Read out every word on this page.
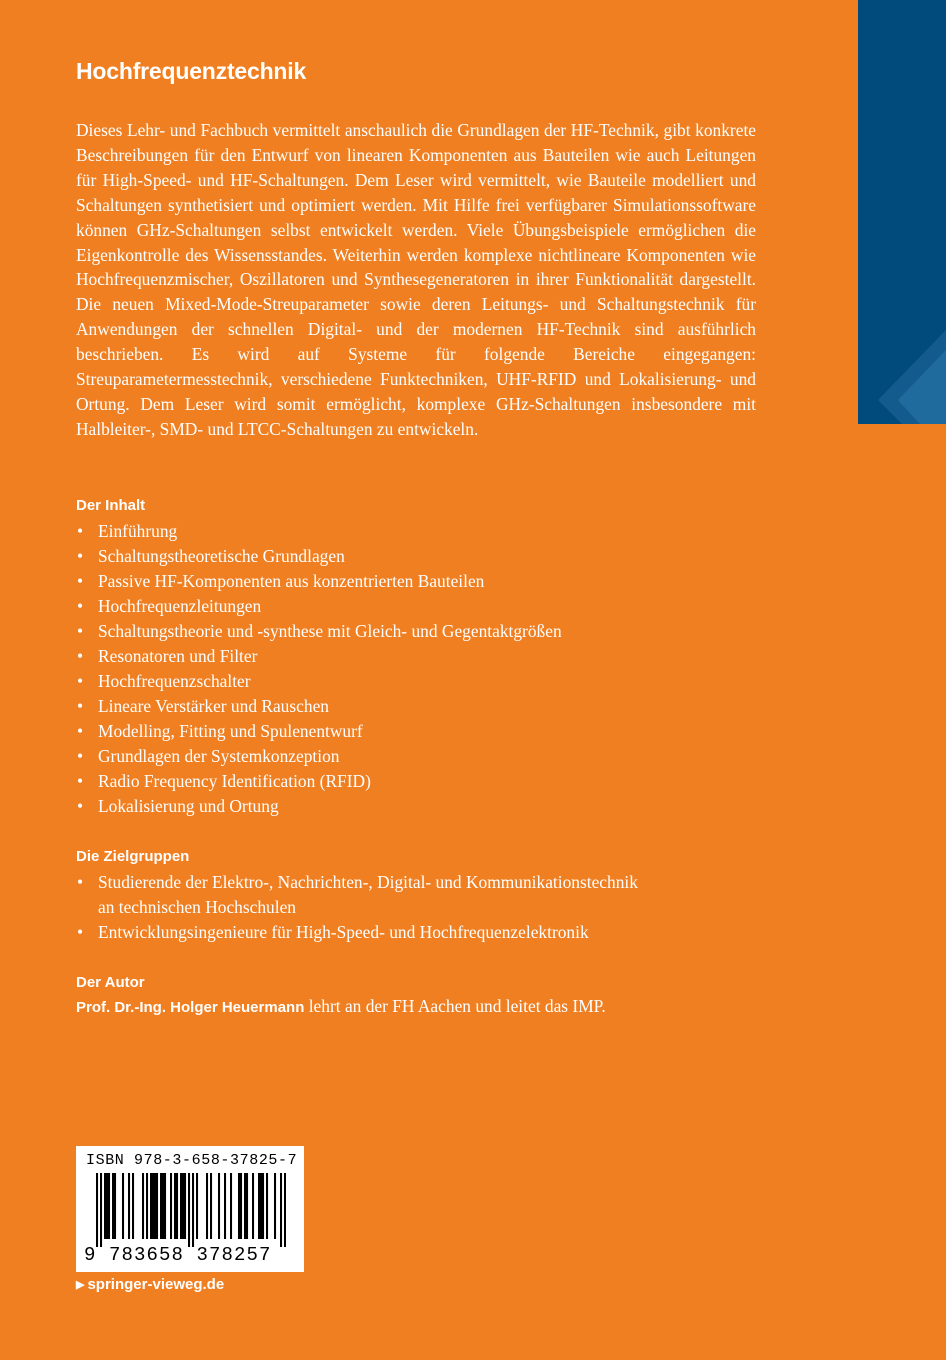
Hochfrequenztechnik

Dieses Lehr- und Fachbuch vermittelt anschaulich die Grundlagen der HF-Technik, gibt konkrete Beschreibungen für den Entwurf von linearen Komponenten aus Bauteilen wie auch Leitungen für High-Speed- und HF-Schaltungen. Dem Leser wird vermittelt, wie Bauteile modelliert und Schaltungen synthetisiert und optimiert werden. Mit Hilfe frei verfügbarer Simulationssoftware können GHz-Schaltungen selbst entwickelt werden. Viele Übungsbeispiele ermöglichen die Eigenkontrolle des Wissensstandes. Weiterhin werden komplexe nichtlineare Komponenten wie Hochfrequenzmischer, Oszillatoren und Synthesegeneratoren in ihrer Funktionalität dargestellt. Die neuen Mixed-Mode-Streuparameter sowie deren Leitungs- und Schaltungstechnik für Anwendungen der schnellen Digital- und der modernen HF-Technik sind ausführlich beschrieben. Es wird auf Systeme für folgende Bereiche eingegangen: Streuparametermesstechnik, verschiedene Funktechniken, UHF-RFID und Lokalisierung- und Ortung. Dem Leser wird somit ermöglicht, komplexe GHz-Schaltungen insbesondere mit Halbleiter-, SMD- und LTCC-Schaltungen zu entwickeln.

Der Inhalt
• Einführung
• Schaltungstheoretische Grundlagen
• Passive HF-Komponenten aus konzentrierten Bauteilen
• Hochfrequenzleitungen
• Schaltungstheorie und -synthese mit Gleich- und Gegentaktgrößen
• Resonatoren und Filter
• Hochfrequenzschalter
• Lineare Verstärker und Rauschen
• Modelling, Fitting und Spulenentwurf
• Grundlagen der Systemkonzeption
• Radio Frequency Identification (RFID)
• Lokalisierung und Ortung
Die Zielgruppen
• Studierende der Elektro-, Nachrichten-, Digital- und Kommunikationstechnik
an technischen Hochschulen
• Entwicklungsingenieure für High-Speed- und Hochfrequenzelektronik
Der Autor
Prof. Dr.-Ing. Holger Heuermann lehrt an der FH Aachen und leitet das IMP.
ISBN 978-3-658-37825-7
9 783658 378257
▶ springer-vieweg.de
